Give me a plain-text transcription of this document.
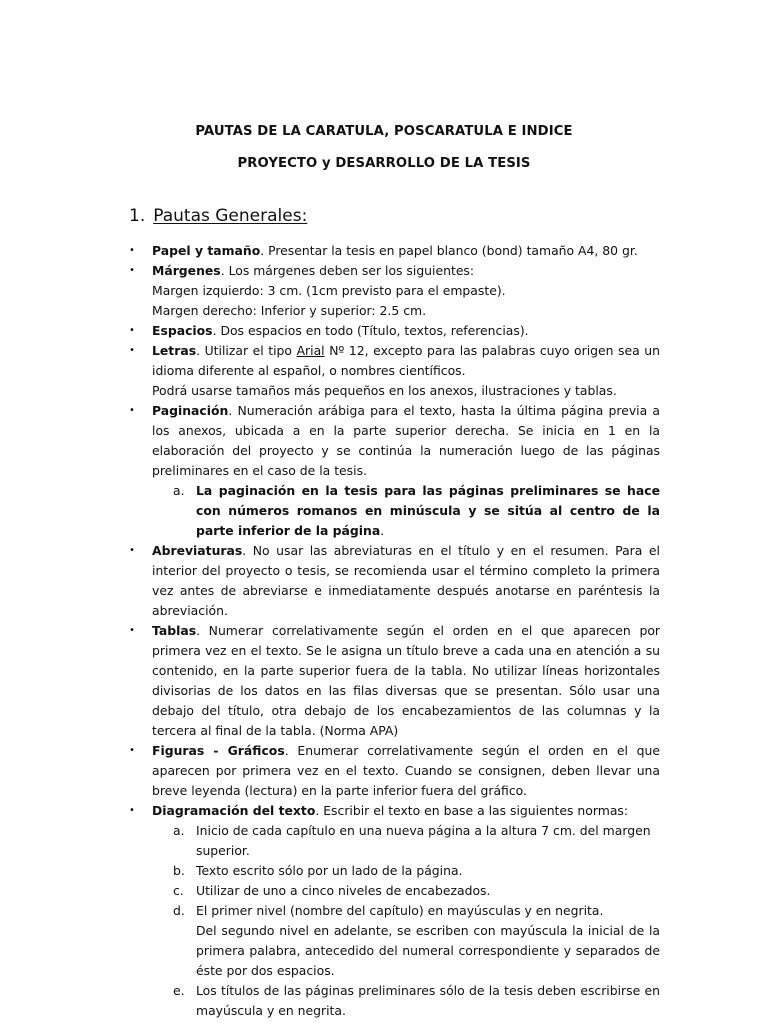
PAUTAS DE LA CARATULA, POSCARATULA E INDICE
PROYECTO y DESARROLLO DE LA TESIS
1. Pautas Generales:
• Papel y tamaño. Presentar la tesis en papel blanco (bond) tamaño A4, 80 gr.
• Márgenes. Los márgenes deben ser los siguientes:
Margen izquierdo: 3 cm. (1cm previsto para el empaste).
Margen derecho: Inferior y superior: 2.5 cm.
• Espacios. Dos espacios en todo (Título, textos, referencias).
• Letras. Utilizar el tipo Arial Nº 12, excepto para las palabras cuyo origen sea un idioma diferente al español, o nombres científicos.
Podrá usarse tamaños más pequeños en los anexos, ilustraciones y tablas.
• Paginación. Numeración arábiga para el texto, hasta la última página previa a los anexos, ubicada a en la parte superior derecha. Se inicia en 1 en la elaboración del proyecto y se continúa la numeración luego de las páginas preliminares en el caso de la tesis.
a. La paginación en la tesis para las páginas preliminares se hace con números romanos en minúscula y se sitúa al centro de la parte inferior de la página.
• Abreviaturas. No usar las abreviaturas en el título y en el resumen. Para el interior del proyecto o tesis, se recomienda usar el término completo la primera vez antes de abreviarse e inmediatamente después anotarse en paréntesis la abreviación.
• Tablas. Numerar correlativamente según el orden en el que aparecen por primera vez en el texto. Se le asigna un título breve a cada una en atención a su contenido, en la parte superior fuera de la tabla. No utilizar líneas horizontales divisorias de los datos en las filas diversas que se presentan. Sólo usar una debajo del título, otra debajo de los encabezamientos de las columnas y la tercera al final de la tabla. (Norma APA)
• Figuras - Gráficos. Enumerar correlativamente según el orden en el que aparecen por primera vez en el texto. Cuando se consignen, deben llevar una breve leyenda (lectura) en la parte inferior fuera del gráfico.
• Diagramación del texto. Escribir el texto en base a las siguientes normas:
a. Inicio de cada capítulo en una nueva página a la altura 7 cm. del margen superior.
b. Texto escrito sólo por un lado de la página.
c. Utilizar de uno a cinco niveles de encabezados.
d. El primer nivel (nombre del capítulo) en mayúsculas y en negrita.
Del segundo nivel en adelante, se escriben con mayúscula la inicial de la primera palabra, antecedido del numeral correspondiente y separados de éste por dos espacios.
e. Los títulos de las páginas preliminares sólo de la tesis deben escribirse en mayúscula y en negrita.
